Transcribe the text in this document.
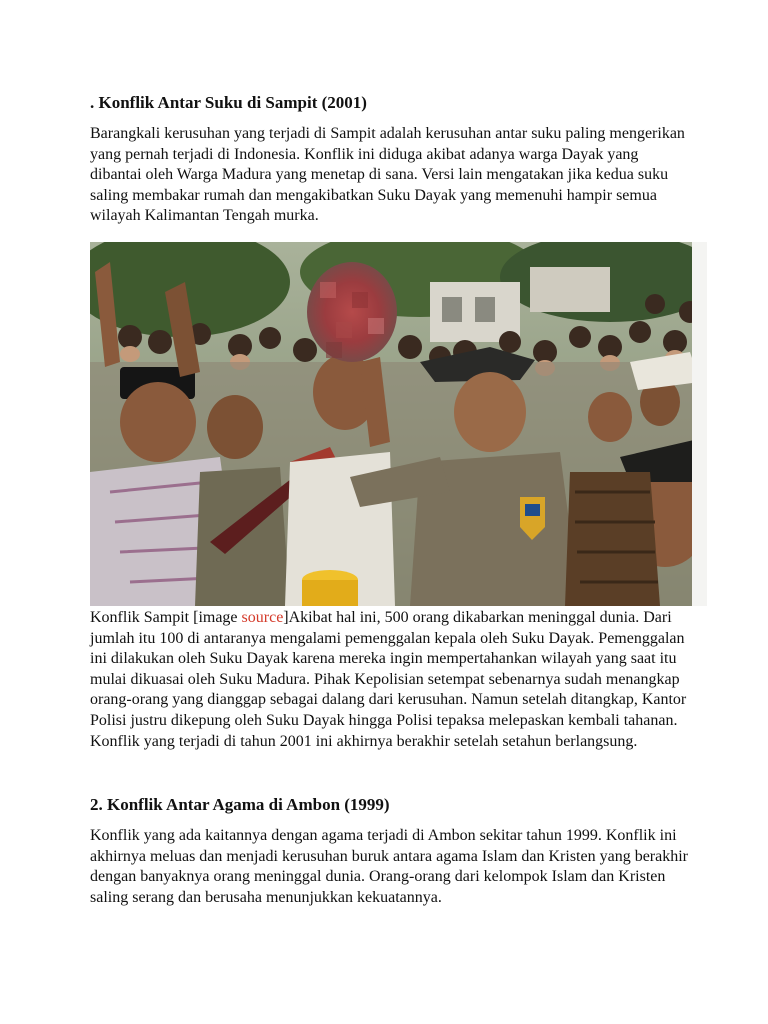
. Konflik Antar Suku di Sampit (2001)
Barangkali kerusuhan yang terjadi di Sampit adalah kerusuhan antar suku paling mengerikan yang pernah terjadi di Indonesia. Konflik ini diduga akibat adanya warga Dayak yang dibantai oleh Warga Madura yang menetap di sana. Versi lain mengatakan jika kedua suku saling membakar rumah dan mengakibatkan Suku Dayak yang memenuhi hampir semua wilayah Kalimantan Tengah murka.
Konflik Sampit [image source]Akibat hal ini, 500 orang dikabarkan meninggal dunia. Dari jumlah itu 100 di antaranya mengalami pemenggalan kepala oleh Suku Dayak. Pemenggalan ini dilakukan oleh Suku Dayak karena mereka ingin mempertahankan wilayah yang saat itu mulai dikuasai oleh Suku Madura. Pihak Kepolisian setempat sebenarnya sudah menangkap orang-orang yang dianggap sebagai dalang dari kerusuhan. Namun setelah ditangkap, Kantor Polisi justru dikepung oleh Suku Dayak hingga Polisi tepaksa melepaskan kembali tahanan. Konflik yang terjadi di tahun 2001 ini akhirnya berakhir setelah setahun berlangsung.
2. Konflik Antar Agama di Ambon (1999)
Konflik yang ada kaitannya dengan agama terjadi di Ambon sekitar tahun 1999. Konflik ini akhirnya meluas dan menjadi kerusuhan buruk antara agama Islam dan Kristen yang berakhir dengan banyaknya orang meninggal dunia. Orang-orang dari kelompok Islam dan Kristen saling serang dan berusaha menunjukkan kekuatannya.
